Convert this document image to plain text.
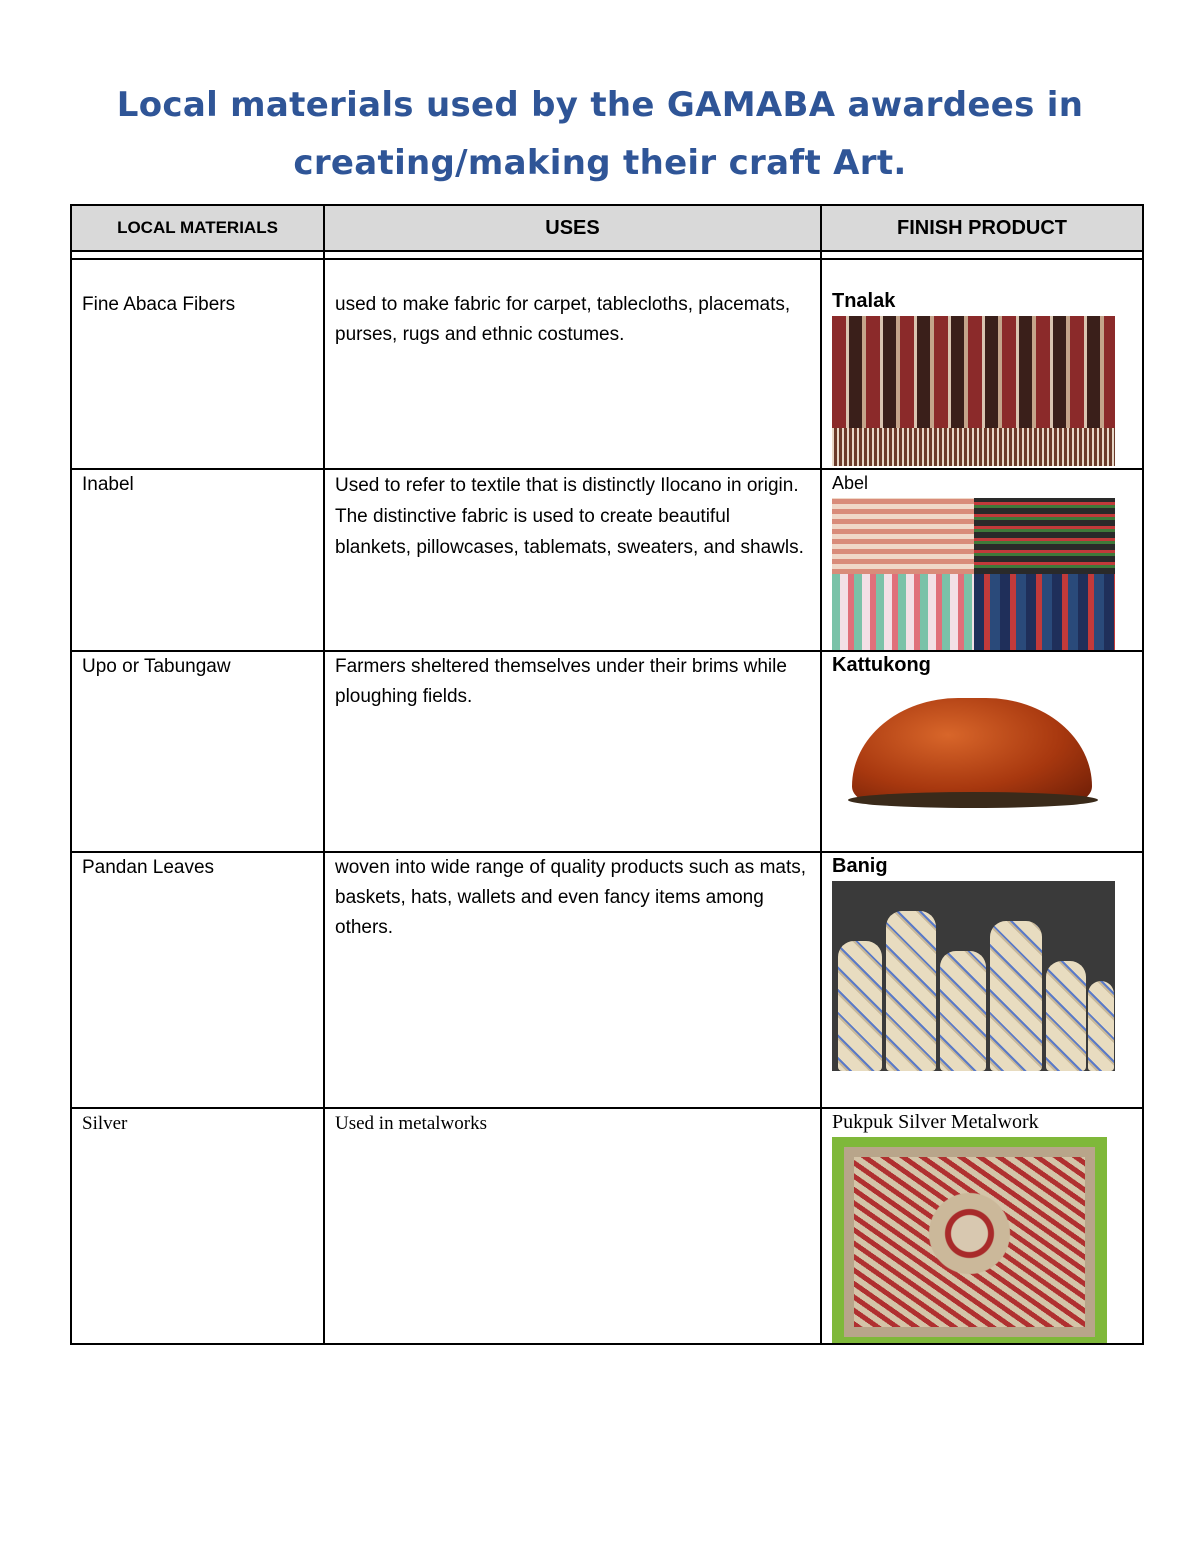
Local materials used by the GAMABA awardees in
creating/making their craft Art.
LOCAL MATERIALS	USES	FINISH PRODUCT

Fine Abaca Fibers	used to make fabric for carpet, tablecloths, placemats, purses, rugs and ethnic costumes.	Tnalak

Inabel	Used to refer to textile that is distinctly Ilocano in origin. The distinctive fabric is used to create beautiful blankets, pillowcases, tablemats, sweaters, and shawls.	Abel

Upo or Tabungaw	Farmers sheltered themselves under their brims while ploughing fields.	Kattukong

Pandan Leaves	woven into wide range of quality products such as mats, baskets, hats, wallets and even fancy items among others.	Banig

Silver	Used in metalworks	Pukpuk Silver Metalwork
